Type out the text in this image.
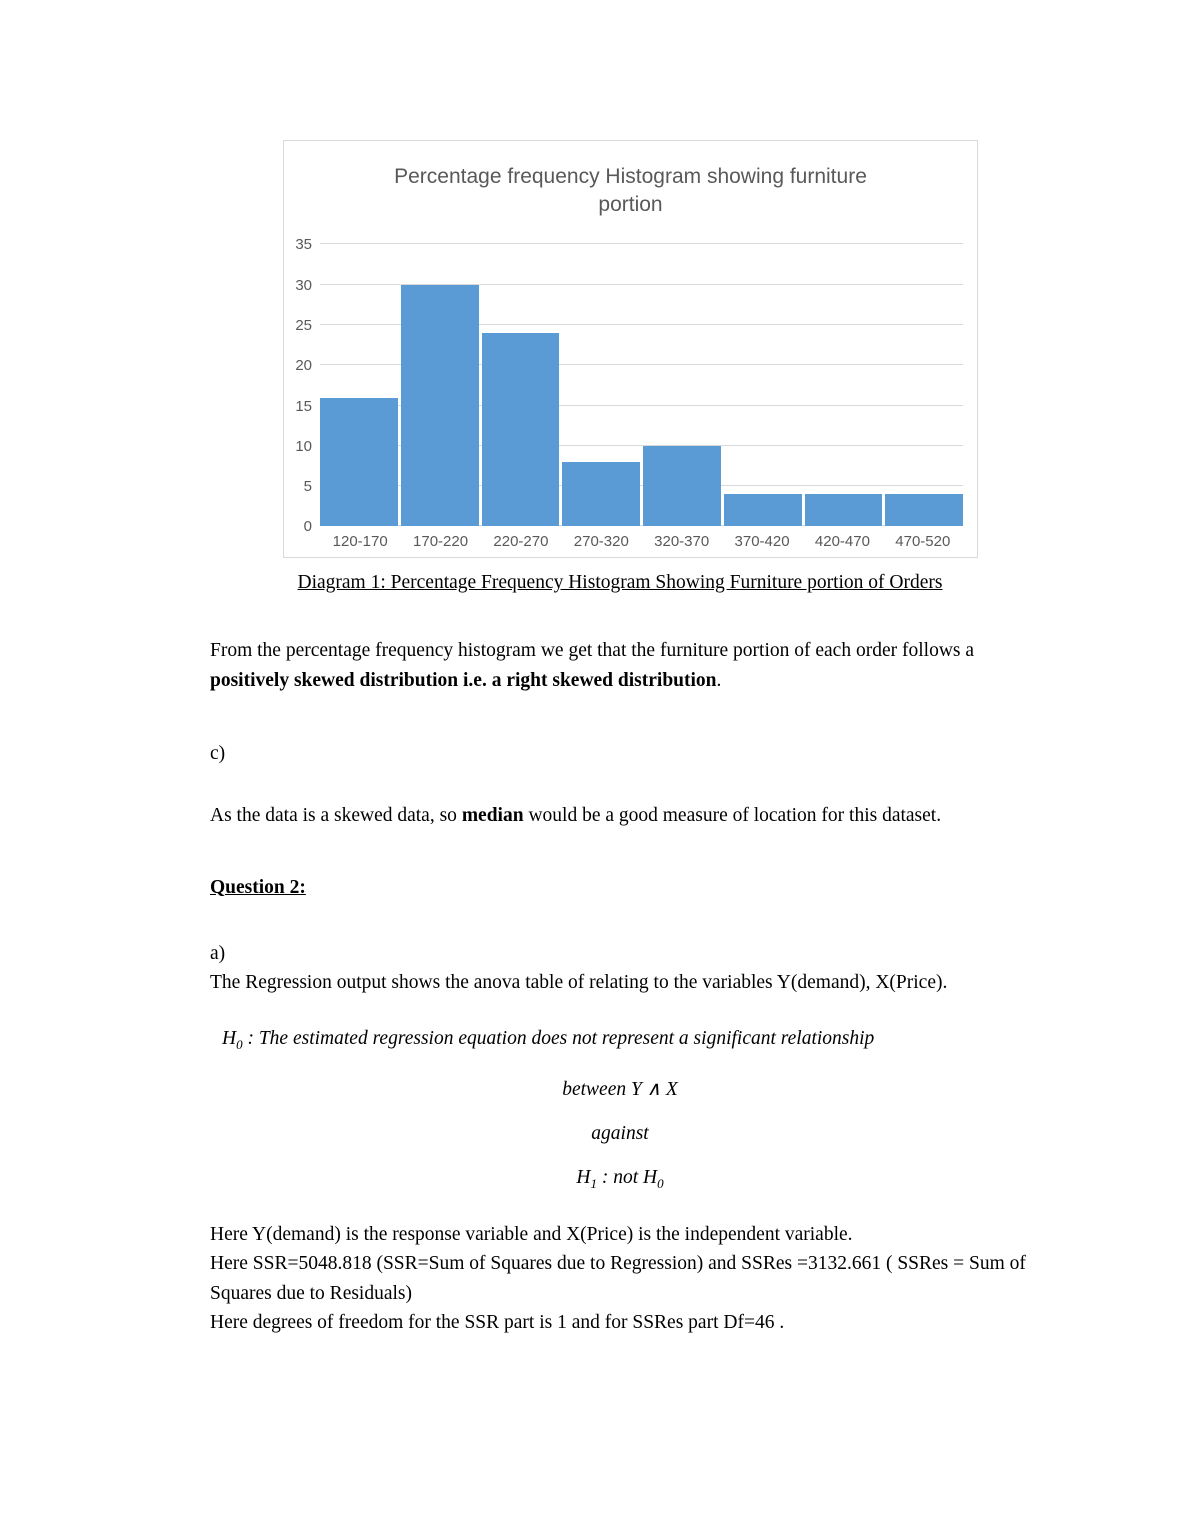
Percentage frequency Histogram showing furniture portion
0
5
10
15
20
25
30
35
120-170	170-220	220-270	270-320	320-370	370-420	420-470	470-520
Diagram 1: Percentage Frequency Histogram Showing Furniture portion of Orders

From the percentage frequency histogram we get that the furniture portion of each order follows a positively skewed distribution i.e. a right skewed distribution.

c)

As the data is a skewed data, so median would be a good measure of location for this dataset.

Question 2:

a)

The Regression output shows the anova table of relating to the variables Y(demand), X(Price).

$H_0$ : The estimated regression equation does not represent a significant relationship

between Y ∧ X

against

$H_1$ : not $H_0$

Here Y(demand) is the response variable and X(Price) is the independent variable.

Here SSR=5048.818 (SSR=Sum of Squares due to Regression) and SSRes =3132.661 ( SSRes = Sum of Squares due to Residuals)

Here degrees of freedom for the SSR part is 1 and for SSRes part Df=46 .
